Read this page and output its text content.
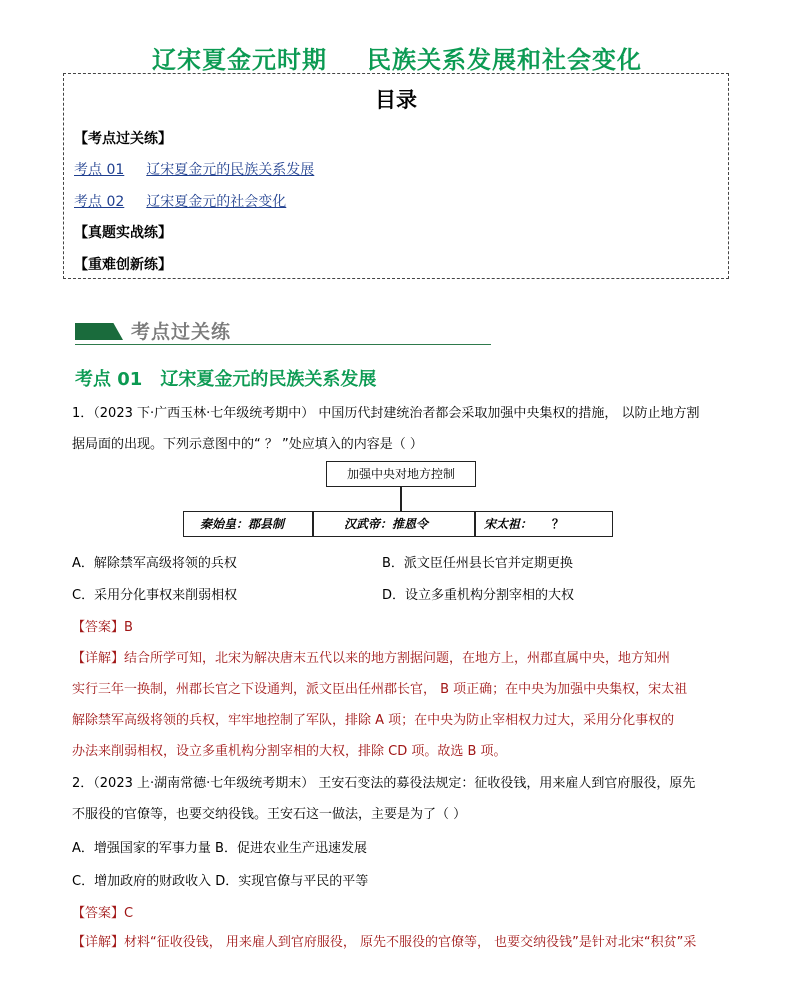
辽宋夏金元时期 民族关系发展和社会变化
目录
【考点过关练】
考点 01 辽宋夏金元的民族关系发展
考点 02 辽宋夏金元的社会变化
【真题实战练】
【重难创新练】
考点过关练
考点 01 辽宋夏金元的民族关系发展
1．（2023 下·广西玉林·七年级统考期中） 中国历代封建统治者都会采取加强中央集权的措施， 以防止地方割
据局面的出现。下列示意图中的“ ？ ”处应填入的内容是（ ）
加强中央对地方控制
秦始皇：郡县制	汉武帝：推恩令	宋太祖： ？
A．解除禁军高级将领的兵权	B．派文臣任州县长官并定期更换
C．采用分化事权来削弱相权	D．设立多重机构分割宰相的大权
【答案】B
【详解】结合所学可知，北宋为解决唐末五代以来的地方割据问题，在地方上，州郡直属中央，地方知州
实行三年一换制，州郡长官之下设通判，派文臣出任州郡长官， B 项正确；在中央为加强中央集权，宋太祖
解除禁军高级将领的兵权，牢牢地控制了军队，排除 A 项；在中央为防止宰相权力过大，采用分化事权的
办法来削弱相权，设立多重机构分割宰相的大权，排除 CD 项。故选 B 项。
2．（2023 上·湖南常德·七年级统考期末） 王安石变法的募役法规定：征收役钱，用来雇人到官府服役，原先
不服役的官僚等，也要交纳役钱。王安石这一做法，主要是为了（ ）
A．增强国家的军事力量 B．促进农业生产迅速发展
C．增加政府的财政收入 D．实现官僚与平民的平等
【答案】C
【详解】材料“征收役钱， 用来雇人到官府服役， 原先不服役的官僚等， 也要交纳役钱”是针对北宋“积贫”采
